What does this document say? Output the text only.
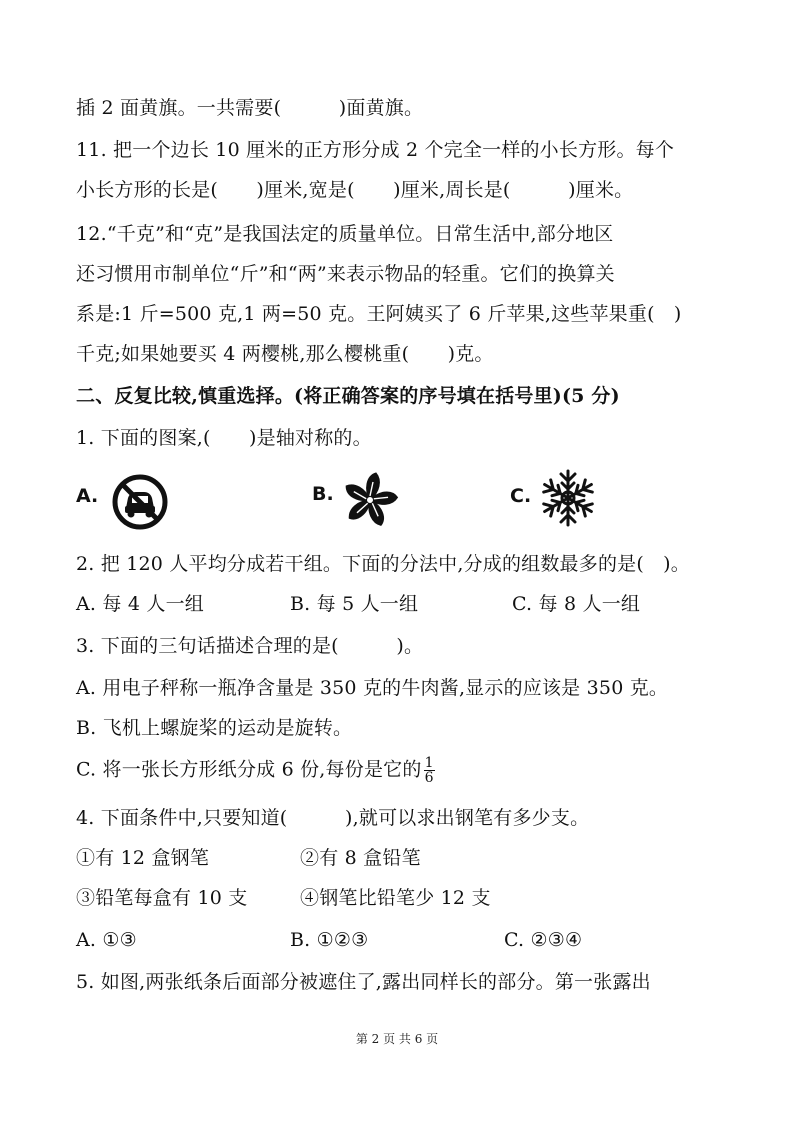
插 2 面黄旗。一共需要(　　　)面黄旗。
11. 把一个边长 10 厘米的正方形分成 2 个完全一样的小长方形。每个
小长方形的长是(　　)厘米,宽是(　　)厘米,周长是(　　　)厘米。
12.“千克”和“克”是我国法定的质量单位。日常生活中,部分地区
还习惯用市制单位“斤”和“两”来表示物品的轻重。它们的换算关
系是:1 斤=500 克,1 两=50 克。王阿姨买了 6 斤苹果,这些苹果重(　)
千克;如果她要买 4 两樱桃,那么樱桃重(　　)克。
二、反复比较,慎重选择。(将正确答案的序号填在括号里)(5 分)
1. 下面的图案,(　　)是轴对称的。
A.	B.	C.
2. 把 120 人平均分成若干组。下面的分法中,分成的组数最多的是(　)。
A. 每 4 人一组	B. 每 5 人一组	C. 每 8 人一组
3. 下面的三句话描述合理的是(　　　)。
A. 用电子秤称一瓶净含量是 350 克的牛肉酱,显示的应该是 350 克。
B. 飞机上螺旋桨的运动是旋转。
C. 将一张长方形纸分成 6 份,每份是它的 $\frac{1}{6}$
4. 下面条件中,只要知道(　　　),就可以求出钢笔有多少支。
①有 12 盒钢笔	②有 8 盒铅笔
③铅笔每盒有 10 支	④钢笔比铅笔少 12 支
A. ①③	B. ①②③	C. ②③④
5. 如图,两张纸条后面部分被遮住了,露出同样长的部分。第一张露出
第 2 页 共 6 页
